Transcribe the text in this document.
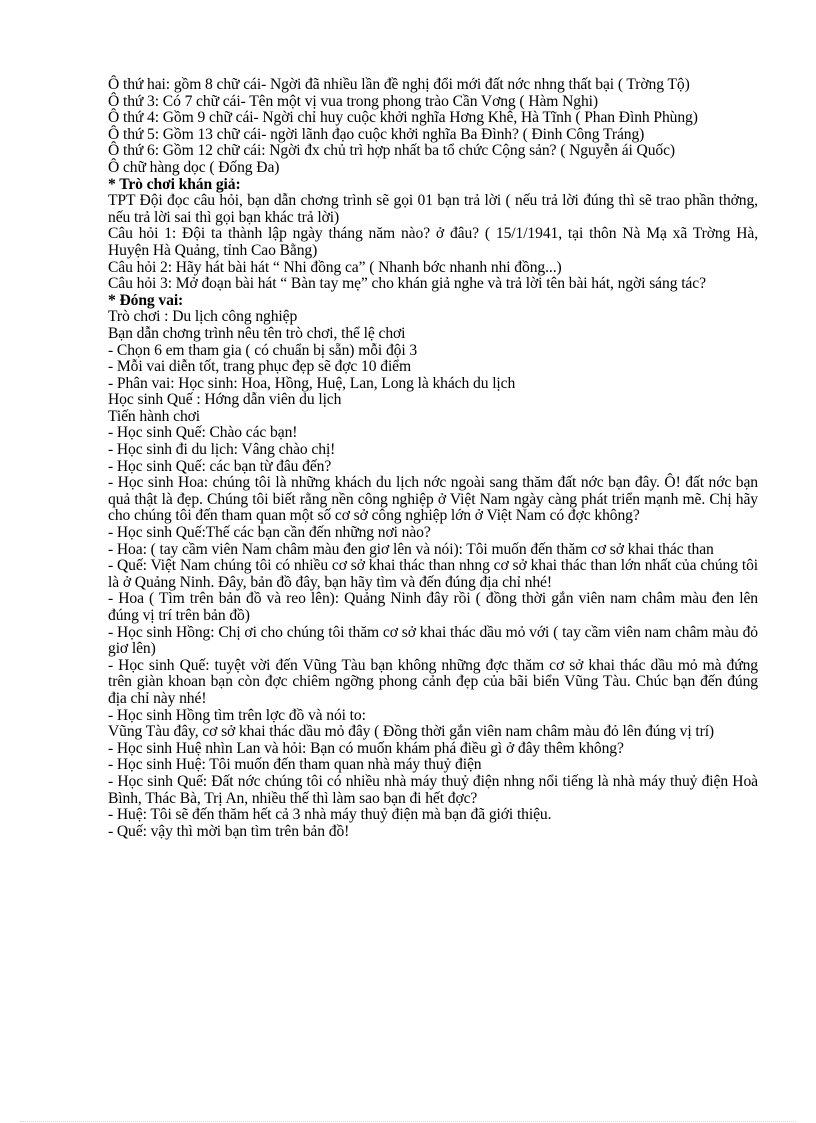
Ô thứ hai: gồm 8 chữ cái- Ngời đã nhiều lần đề nghị đổi mới đất nớc nhng thất bại ( Trờng Tộ)

Ô thứ 3: Có 7 chữ cái- Tên một vị vua trong phong trào Cần Vơng ( Hàm Nghi)

Ô thứ 4: Gồm 9 chữ cái- Ngời chỉ huy cuộc khởi nghĩa Hơng Khê, Hà Tĩnh ( Phan Đình Phùng)

Ô thứ 5: Gồm 13 chữ cái- ngời lãnh đạo cuộc khởi nghĩa Ba Đình? ( Đinh Công Tráng)

Ô thứ 6: Gồm 12 chữ cái: Ngời đx chủ trì hợp nhất ba tổ chức Cộng sản? ( Nguyễn ái Quốc)

Ô chữ hàng dọc ( Đống Đa)

* Trò chơi khán giả:

TPT Đội đọc câu hỏi, bạn dẫn chơng trình sẽ gọi 01 bạn trả lời ( nếu trả lời đúng thì sẽ trao phần thởng, nếu trả lời sai thì gọi bạn khác trả lời)

Câu hỏi 1: Đội ta thành lập ngày tháng năm nào? ở đâu? ( 15/1/1941, tại thôn Nà Mạ xã Trờng Hà, Huyện Hà Quảng, tỉnh Cao Bằng)

Câu hỏi 2: Hãy hát bài hát “ Nhi đồng ca” ( Nhanh bớc nhanh nhi đồng...)

Câu hỏi 3: Mở đoạn bài hát “ Bàn tay mẹ” cho khán giả nghe và trả lời tên bài hát, ngời sáng tác?

* Đóng vai:

Trò chơi : Du lịch công nghiệp

Bạn dẫn chơng trình nêu tên trò chơi, thể lệ chơi

- Chọn 6 em tham gia ( có chuẩn bị sẵn) mỗi đội 3

- Mỗi vai diễn tốt, trang phục đẹp sẽ đợc 10 điểm

- Phân vai: Học sinh: Hoa, Hồng, Huệ, Lan, Long là khách du lịch

Học sinh Quế : Hớng dẫn viên du lịch

Tiến hành chơi

- Học sinh Quế: Chào các bạn!

- Học sinh đi du lịch: Vâng chào chị!

- Học sinh Quế: các bạn từ đâu đến?

- Học sinh Hoa: chúng tôi là những khách du lịch nớc ngoài sang thăm đất nớc bạn đây. Ô! đất nớc bạn quả thật là đẹp. Chúng tôi biết rằng nền công nghiệp ở Việt Nam ngày càng phát triển mạnh mẽ. Chị hãy cho chúng tôi đến tham quan một số cơ sở công nghiệp lớn ở Việt Nam có đợc không?

- Học sinh Quế:Thế các bạn cần đến những nơi nào?

- Hoa: ( tay cầm viên Nam châm màu đen giơ lên và nói): Tôi muốn đến thăm cơ sở khai thác than

- Quế: Việt Nam chúng tôi có nhiều cơ sở khai thác than nhng cơ sở khai thác than lớn nhất của chúng tôi là ở Quảng Ninh. Đây, bản đồ đây, bạn hãy tìm và đến đúng địa chỉ nhé!

- Hoa ( Tìm trên bản đồ và reo lên): Quảng Ninh đây rồi ( đồng thời gắn viên nam châm màu đen lên đúng vị trí trên bản đồ)

- Học sinh Hồng: Chị ơi cho chúng tôi thăm cơ sở khai thác dầu mỏ với ( tay cầm viên nam châm màu đỏ giơ lên)

- Học sinh Quế: tuyệt vời đến Vũng Tàu bạn không những đợc thăm cơ sở khai thác dầu mỏ mà đứng trên giàn khoan bạn còn đợc chiêm ngỡng phong cảnh đẹp của bãi biển Vũng Tàu. Chúc bạn đến đúng địa chỉ này nhé!

- Học sinh Hồng tìm trên lợc đồ và nói to:

Vũng Tàu đây, cơ sở khai thác dầu mỏ đây ( Đồng thời gắn viên nam châm màu đỏ lên đúng vị trí)

- Học sinh Huệ nhìn Lan và hỏi: Bạn có muốn khám phá điều gì ở đây thêm không?

- Học sinh Huệ: Tôi muốn đến tham quan nhà máy thuỷ điện

- Học sinh Quế: Đất nớc chúng tôi có nhiều nhà máy thuỷ điện nhng nổi tiếng là nhà máy thuỷ điện Hoà Bình, Thác Bà, Trị An, nhiều thế thì làm sao bạn đi hết đợc?

- Huệ: Tôi sẽ đến thăm hết cả 3 nhà máy thuỷ điện mà bạn đã giới thiệu.

- Quế: vậy thì mời bạn tìm trên bản đồ!
